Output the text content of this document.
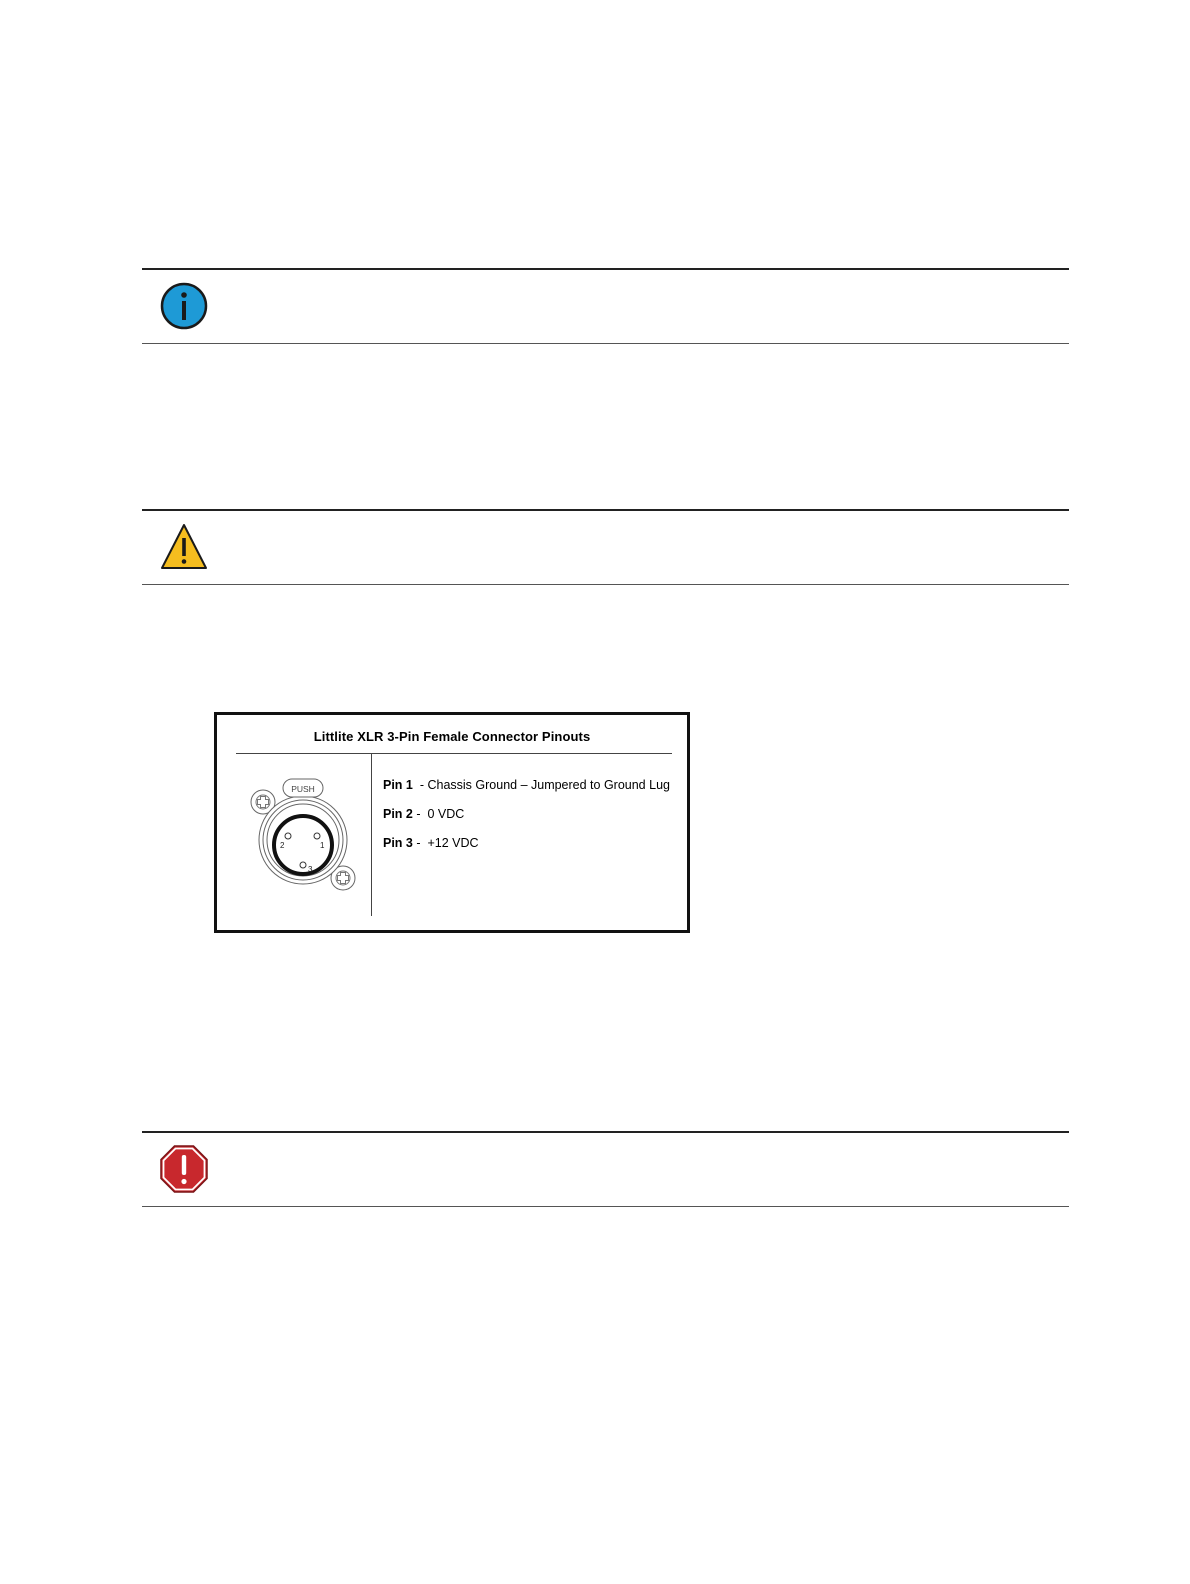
Littlite XLR 3-Pin Female Connector Pinouts
PUSH
1
2
3
Pin 1  - Chassis Ground – Jumpered to Ground Lug
Pin 2 -  0 VDC
Pin 3 -  +12 VDC
